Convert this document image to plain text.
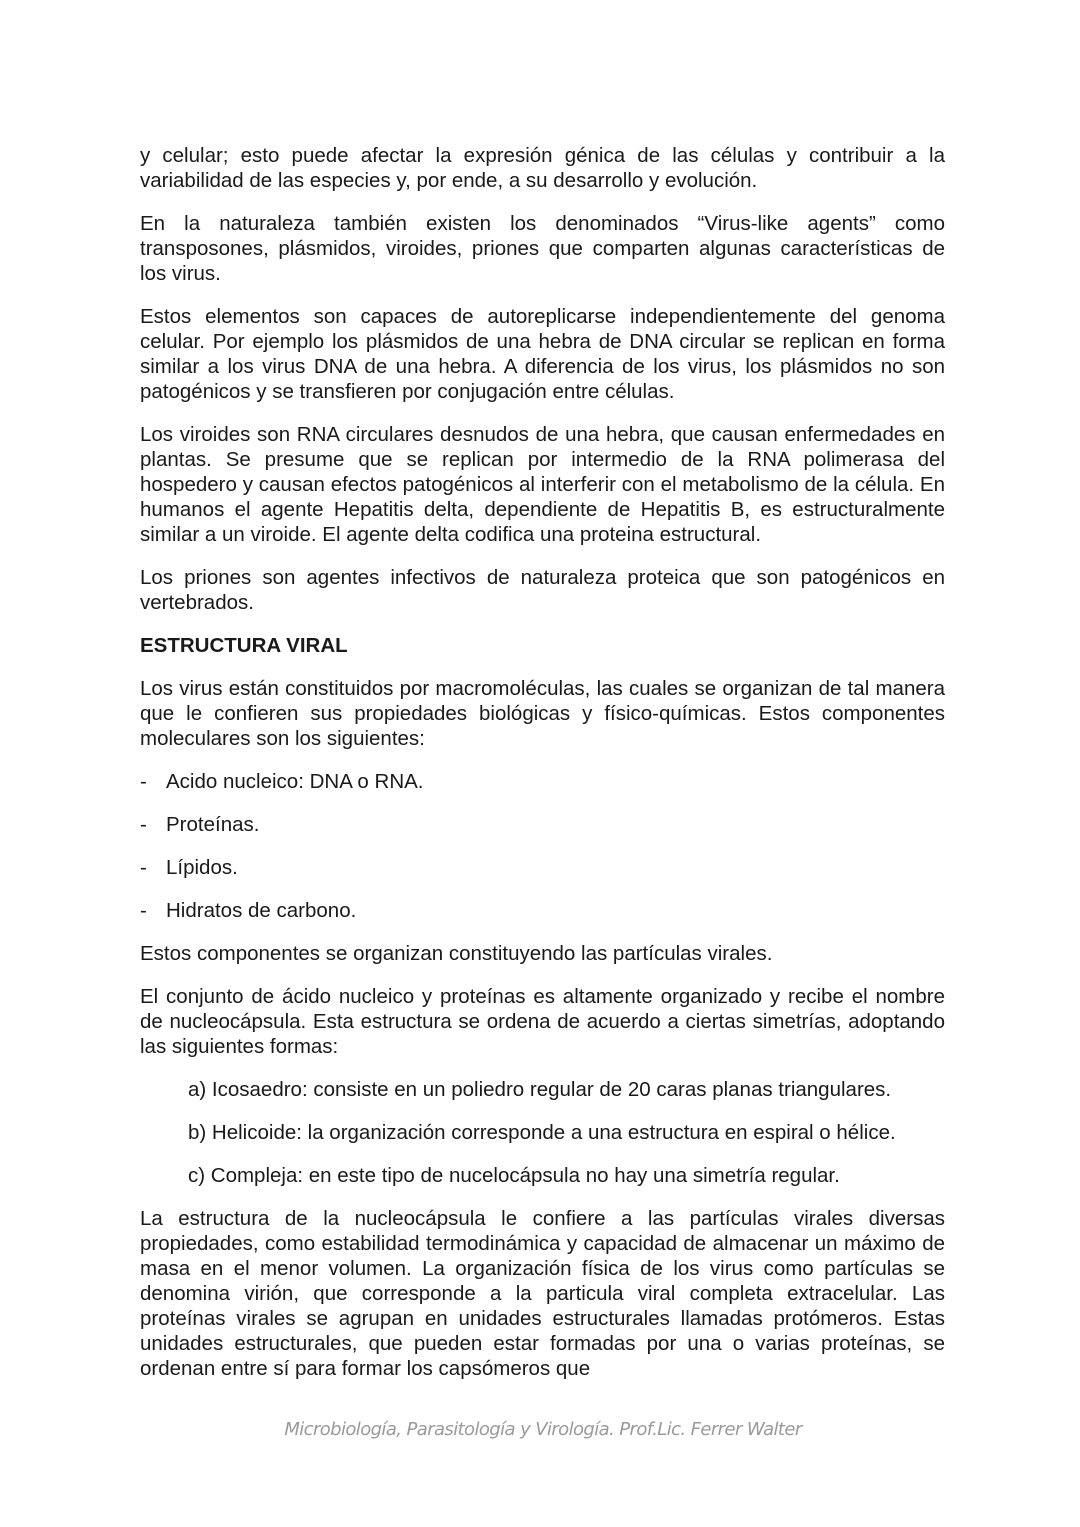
y celular; esto puede afectar la expresión génica de las células y contribuir a la variabilidad de las especies y, por ende, a su desarrollo y evolución.

En la naturaleza también existen los denominados “Virus-like agents” como transposones, plásmidos, viroides, priones que comparten algunas características de los virus.

Estos elementos son capaces de autoreplicarse independientemente del genoma celular. Por ejemplo los plásmidos de una hebra de DNA circular se replican en forma similar a los virus DNA de una hebra. A diferencia de los virus, los plásmidos no son patogénicos y se transfieren por conjugación entre células.

Los viroides son RNA circulares desnudos de una hebra, que causan enfermedades en plantas. Se presume que se replican por intermedio de la RNA polimerasa del hospedero y causan efectos patogénicos al interferir con el metabolismo de la célula. En humanos el agente Hepatitis delta, dependiente de Hepatitis B, es estructuralmente similar a un viroide. El agente delta codifica una proteina estructural.

Los priones son agentes infectivos de naturaleza proteica que son patogénicos en vertebrados.

ESTRUCTURA VIRAL

Los virus están constituidos por macromoléculas, las cuales se organizan de tal manera que le confieren sus propiedades biológicas y físico-químicas. Estos componentes moleculares son los siguientes:

- Acido nucleico: DNA o RNA.
- Proteínas.
- Lípidos.
- Hidratos de carbono.

Estos componentes se organizan constituyendo las partículas virales.

El conjunto de ácido nucleico y proteínas es altamente organizado y recibe el nombre de nucleocápsula. Esta estructura se ordena de acuerdo a ciertas simetrías, adoptando las siguientes formas:

a) Icosaedro: consiste en un poliedro regular de 20 caras planas triangulares.

b) Helicoide: la organización corresponde a una estructura en espiral o hélice.

c) Compleja: en este tipo de nucelocápsula no hay una simetría regular.

La estructura de la nucleocápsula le confiere a las partículas virales diversas propiedades, como estabilidad termodinámica y capacidad de almacenar un máximo de masa en el menor volumen. La organización física de los virus como partículas se denomina virión, que corresponde a la particula viral completa extracelular. Las proteínas virales se agrupan en unidades estructurales llamadas protómeros. Estas unidades estructurales, que pueden estar formadas por una o varias proteínas, se ordenan entre sí para formar los capsómeros que

Microbiología, Parasitología y Virología. Prof.Lic. Ferrer Walter
